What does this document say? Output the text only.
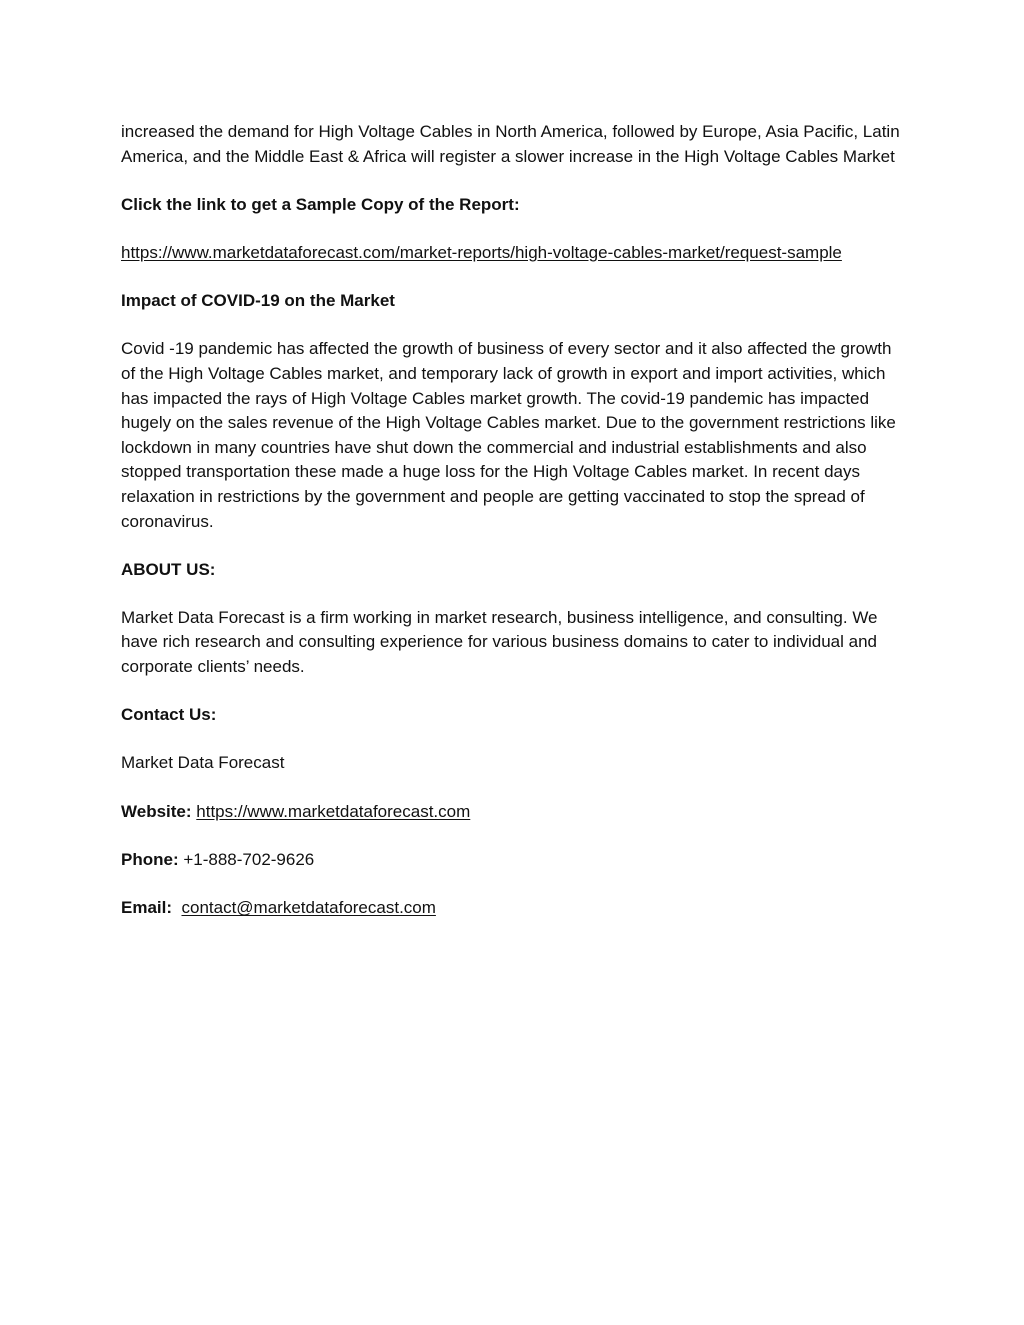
increased the demand for High Voltage Cables in North America, followed by Europe, Asia Pacific, Latin America, and the Middle East & Africa will register a slower increase in the High Voltage Cables Market

Click the link to get a Sample Copy of the Report:

https://www.marketdataforecast.com/market-reports/high-voltage-cables-market/request-sample

Impact of COVID-19 on the Market

Covid -19 pandemic has affected the growth of business of every sector and it also affected the growth of the High Voltage Cables market, and temporary lack of growth in export and import activities, which has impacted the rays of High Voltage Cables market growth. The covid-19 pandemic has impacted hugely on the sales revenue of the High Voltage Cables market. Due to the government restrictions like lockdown in many countries have shut down the commercial and industrial establishments and also stopped transportation these made a huge loss for the High Voltage Cables market. In recent days relaxation in restrictions by the government and people are getting vaccinated to stop the spread of coronavirus.

ABOUT US:

Market Data Forecast is a firm working in market research, business intelligence, and consulting. We have rich research and consulting experience for various business domains to cater to individual and corporate clients’ needs.

Contact Us:

Market Data Forecast

Website: https://www.marketdataforecast.com

Phone: +1-888-702-9626

Email: contact@marketdataforecast.com
